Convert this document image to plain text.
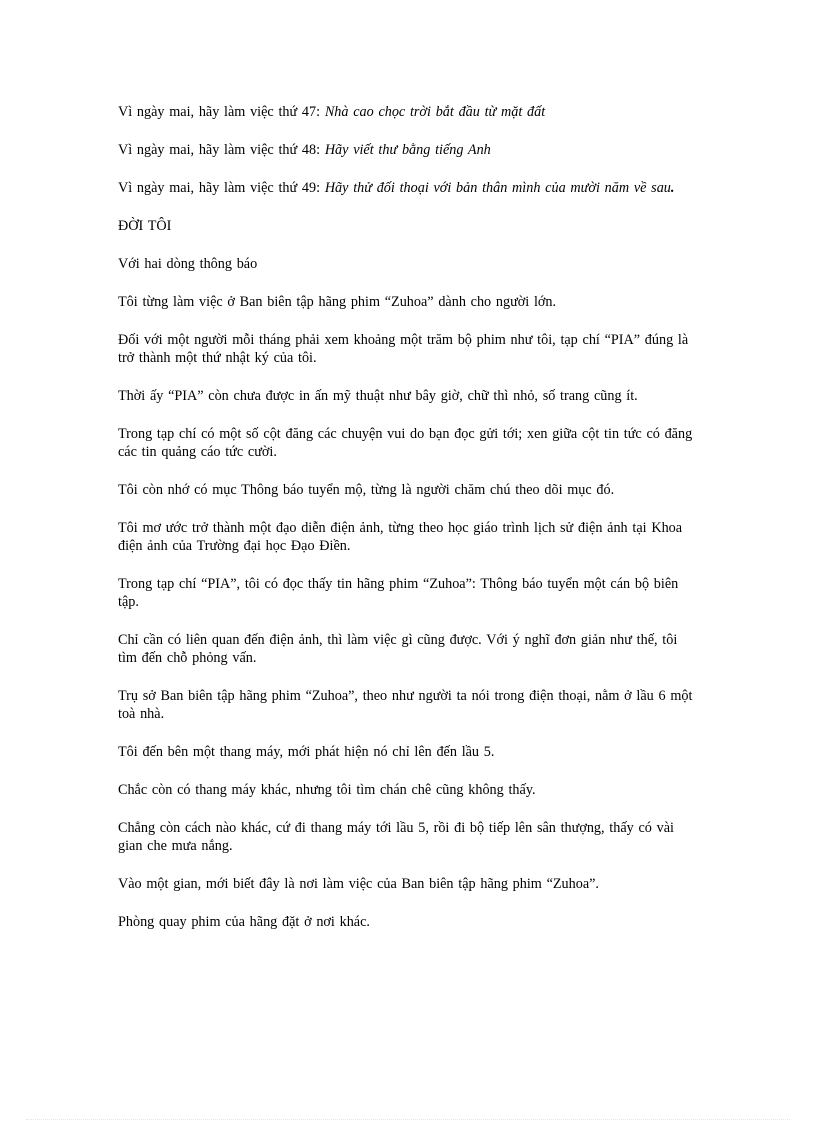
Vì ngày mai, hãy làm việc thứ 47: Nhà cao chọc trời bắt đầu từ mặt đất

Vì ngày mai, hãy làm việc thứ 48: Hãy viết thư bằng tiếng Anh

Vì ngày mai, hãy làm việc thứ 49: Hãy thử đối thoại với bản thân mình của mười năm về sau.

ĐỜI TÔI

Với hai dòng thông báo

Tôi từng làm việc ở Ban biên tập hãng phim “Zuhoa” dành cho người lớn.

Đối với một người mỗi tháng phải xem khoảng một trăm bộ phim như tôi, tạp chí “PIA” đúng là trở thành một thứ nhật ký của tôi.

Thời ấy “PIA” còn chưa được in ấn mỹ thuật như bây giờ, chữ thì nhỏ, số trang cũng ít.

Trong tạp chí có một số cột đăng các chuyện vui do bạn đọc gửi tới; xen giữa cột tin tức có đăng các tin quảng cáo tức cười.

Tôi còn nhớ có mục Thông báo tuyển mộ, từng là người chăm chú theo dõi mục đó.

Tôi mơ ước trở thành một đạo diễn điện ảnh, từng theo học giáo trình lịch sử điện ảnh tại Khoa điện ảnh của Trường đại học Đạo Điền.

Trong tạp chí “PIA”, tôi có đọc thấy tin hãng phim “Zuhoa”: Thông báo tuyển một cán bộ biên tập.

Chỉ cần có liên quan đến điện ảnh, thì làm việc gì cũng được. Với ý nghĩ đơn giản như thế, tôi tìm đến chỗ phỏng vấn.

Trụ sở Ban biên tập hãng phim “Zuhoa”, theo như người ta nói trong điện thoại, nằm ở lầu 6 một toà nhà.

Tôi đến bên một thang máy, mới phát hiện nó chỉ lên đến lầu 5.

Chắc còn có thang máy khác, nhưng tôi tìm chán chê cũng không thấy.

Chẳng còn cách nào khác, cứ đi thang máy tới lầu 5, rồi đi bộ tiếp lên sân thượng, thấy có vài gian che mưa nắng.

Vào một gian, mới biết đây là nơi làm việc của Ban biên tập hãng phim “Zuhoa”.

Phòng quay phim của hãng đặt ở nơi khác.
